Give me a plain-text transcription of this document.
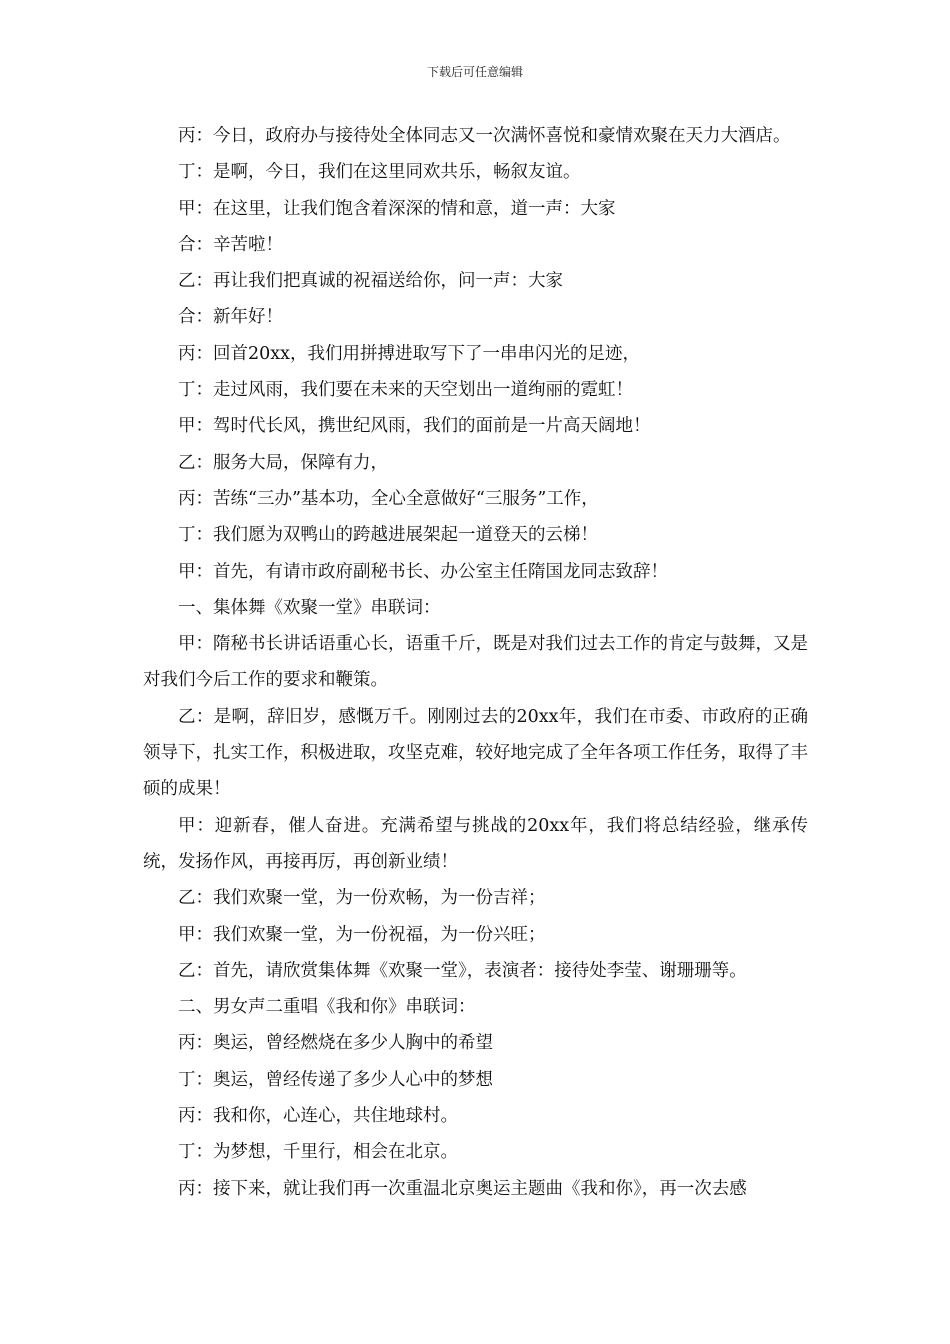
下载后可任意编辑

丙：今日，政府办与接待处全体同志又一次满怀喜悦和豪情欢聚在天力大酒店。

丁：是啊，今日，我们在这里同欢共乐，畅叙友谊。

甲：在这里，让我们饱含着深深的情和意，道一声：大家

合：辛苦啦！

乙：再让我们把真诚的祝福送给你，问一声：大家

合：新年好！

丙：回首20xx，我们用拼搏进取写下了一串串闪光的足迹，

丁：走过风雨，我们要在未来的天空划出一道绚丽的霓虹！

甲：驾时代长风，携世纪风雨，我们的面前是一片高天阔地！

乙：服务大局，保障有力，

丙：苦练“三办”基本功，全心全意做好“三服务”工作，

丁：我们愿为双鸭山的跨越进展架起一道登天的云梯！

甲：首先，有请市政府副秘书长、办公室主任隋国龙同志致辞！

一、集体舞《欢聚一堂》串联词：

甲：隋秘书长讲话语重心长，语重千斤，既是对我们过去工作的肯定与鼓舞，又是对我们今后工作的要求和鞭策。

乙：是啊，辞旧岁，感慨万千。刚刚过去的20xx年，我们在市委、市政府的正确领导下，扎实工作，积极进取，攻坚克难，较好地完成了全年各项工作任务，取得了丰硕的成果！

甲：迎新春，催人奋进。充满希望与挑战的20xx年，我们将总结经验，继承传统，发扬作风，再接再厉，再创新业绩！

乙：我们欢聚一堂，为一份欢畅，为一份吉祥；

甲：我们欢聚一堂，为一份祝福，为一份兴旺；

乙：首先，请欣赏集体舞《欢聚一堂》，表演者：接待处李莹、谢珊珊等。

二、男女声二重唱《我和你》串联词：

丙：奥运，曾经燃烧在多少人胸中的希望

丁：奥运，曾经传递了多少人心中的梦想

丙：我和你，心连心，共住地球村。

丁：为梦想，千里行，相会在北京。

丙：接下来，就让我们再一次重温北京奥运主题曲《我和你》，再一次去感
